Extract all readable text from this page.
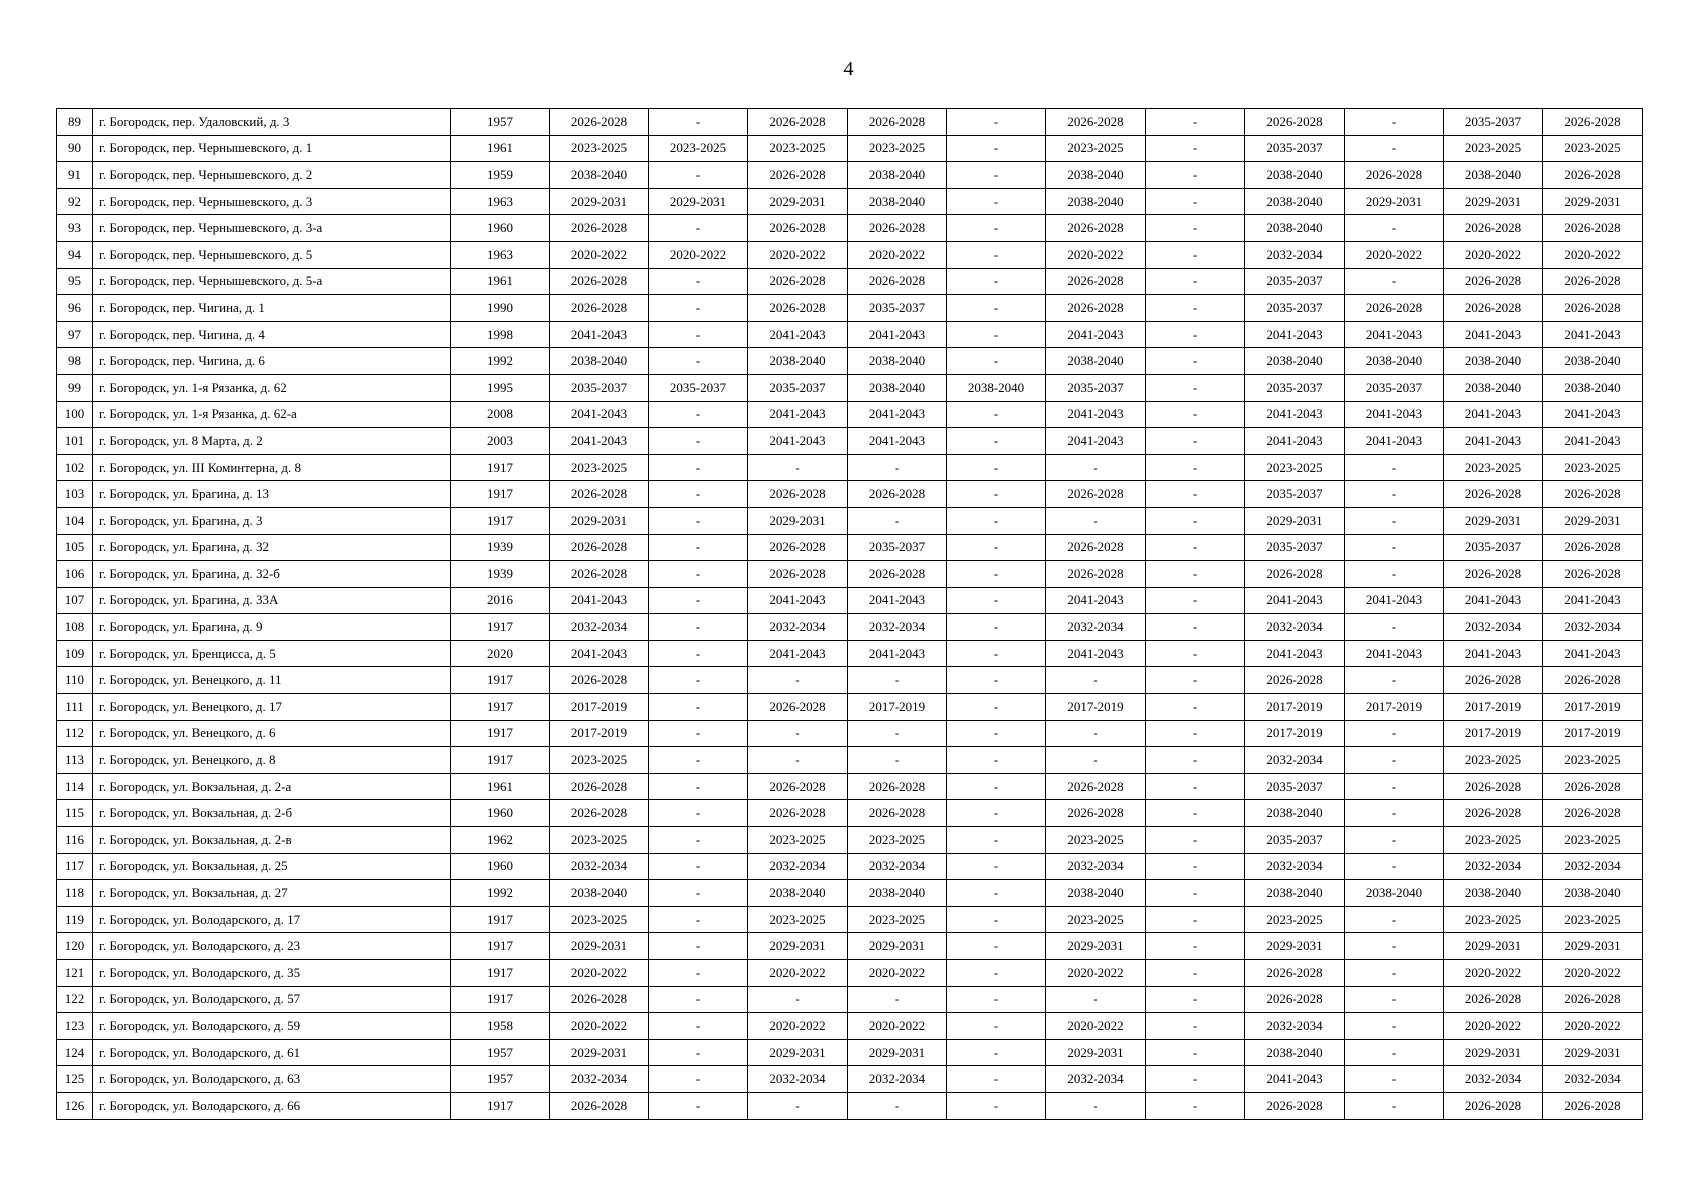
4
89	г. Богородск, пер. Удаловский, д. 3	1957	2026-2028	-	2026-2028	2026-2028	-	2026-2028	-	2026-2028	-	2035-2037	2026-2028
90	г. Богородск, пер. Чернышевского, д. 1	1961	2023-2025	2023-2025	2023-2025	2023-2025	-	2023-2025	-	2035-2037	-	2023-2025	2023-2025
91	г. Богородск, пер. Чернышевского, д. 2	1959	2038-2040	-	2026-2028	2038-2040	-	2038-2040	-	2038-2040	2026-2028	2038-2040	2026-2028
92	г. Богородск, пер. Чернышевского, д. 3	1963	2029-2031	2029-2031	2029-2031	2038-2040	-	2038-2040	-	2038-2040	2029-2031	2029-2031	2029-2031
93	г. Богородск, пер. Чернышевского, д. 3-а	1960	2026-2028	-	2026-2028	2026-2028	-	2026-2028	-	2038-2040	-	2026-2028	2026-2028
94	г. Богородск, пер. Чернышевского, д. 5	1963	2020-2022	2020-2022	2020-2022	2020-2022	-	2020-2022	-	2032-2034	2020-2022	2020-2022	2020-2022
95	г. Богородск, пер. Чернышевского, д. 5-а	1961	2026-2028	-	2026-2028	2026-2028	-	2026-2028	-	2035-2037	-	2026-2028	2026-2028
96	г. Богородск, пер. Чигина, д. 1	1990	2026-2028	-	2026-2028	2035-2037	-	2026-2028	-	2035-2037	2026-2028	2026-2028	2026-2028
97	г. Богородск, пер. Чигина, д. 4	1998	2041-2043	-	2041-2043	2041-2043	-	2041-2043	-	2041-2043	2041-2043	2041-2043	2041-2043
98	г. Богородск, пер. Чигина, д. 6	1992	2038-2040	-	2038-2040	2038-2040	-	2038-2040	-	2038-2040	2038-2040	2038-2040	2038-2040
99	г. Богородск, ул. 1-я Рязанка, д. 62	1995	2035-2037	2035-2037	2035-2037	2038-2040	2038-2040	2035-2037	-	2035-2037	2035-2037	2038-2040	2038-2040
100	г. Богородск, ул. 1-я Рязанка, д. 62-а	2008	2041-2043	-	2041-2043	2041-2043	-	2041-2043	-	2041-2043	2041-2043	2041-2043	2041-2043
101	г. Богородск, ул. 8 Марта, д. 2	2003	2041-2043	-	2041-2043	2041-2043	-	2041-2043	-	2041-2043	2041-2043	2041-2043	2041-2043
102	г. Богородск, ул. III Коминтерна, д. 8	1917	2023-2025	-	-	-	-	-	-	2023-2025	-	2023-2025	2023-2025
103	г. Богородск, ул. Брагина, д. 13	1917	2026-2028	-	2026-2028	2026-2028	-	2026-2028	-	2035-2037	-	2026-2028	2026-2028
104	г. Богородск, ул. Брагина, д. 3	1917	2029-2031	-	2029-2031	-	-	-	-	2029-2031	-	2029-2031	2029-2031
105	г. Богородск, ул. Брагина, д. 32	1939	2026-2028	-	2026-2028	2035-2037	-	2026-2028	-	2035-2037	-	2035-2037	2026-2028
106	г. Богородск, ул. Брагина, д. 32-б	1939	2026-2028	-	2026-2028	2026-2028	-	2026-2028	-	2026-2028	-	2026-2028	2026-2028
107	г. Богородск, ул. Брагина, д. 33А	2016	2041-2043	-	2041-2043	2041-2043	-	2041-2043	-	2041-2043	2041-2043	2041-2043	2041-2043
108	г. Богородск, ул. Брагина, д. 9	1917	2032-2034	-	2032-2034	2032-2034	-	2032-2034	-	2032-2034	-	2032-2034	2032-2034
109	г. Богородск, ул. Бренцисса, д. 5	2020	2041-2043	-	2041-2043	2041-2043	-	2041-2043	-	2041-2043	2041-2043	2041-2043	2041-2043
110	г. Богородск, ул. Венецкого, д. 11	1917	2026-2028	-	-	-	-	-	-	2026-2028	-	2026-2028	2026-2028
111	г. Богородск, ул. Венецкого, д. 17	1917	2017-2019	-	2026-2028	2017-2019	-	2017-2019	-	2017-2019	2017-2019	2017-2019	2017-2019
112	г. Богородск, ул. Венецкого, д. 6	1917	2017-2019	-	-	-	-	-	-	2017-2019	-	2017-2019	2017-2019
113	г. Богородск, ул. Венецкого, д. 8	1917	2023-2025	-	-	-	-	-	-	2032-2034	-	2023-2025	2023-2025
114	г. Богородск, ул. Вокзальная, д. 2-а	1961	2026-2028	-	2026-2028	2026-2028	-	2026-2028	-	2035-2037	-	2026-2028	2026-2028
115	г. Богородск, ул. Вокзальная, д. 2-б	1960	2026-2028	-	2026-2028	2026-2028	-	2026-2028	-	2038-2040	-	2026-2028	2026-2028
116	г. Богородск, ул. Вокзальная, д. 2-в	1962	2023-2025	-	2023-2025	2023-2025	-	2023-2025	-	2035-2037	-	2023-2025	2023-2025
117	г. Богородск, ул. Вокзальная, д. 25	1960	2032-2034	-	2032-2034	2032-2034	-	2032-2034	-	2032-2034	-	2032-2034	2032-2034
118	г. Богородск, ул. Вокзальная, д. 27	1992	2038-2040	-	2038-2040	2038-2040	-	2038-2040	-	2038-2040	2038-2040	2038-2040	2038-2040
119	г. Богородск, ул. Володарского, д. 17	1917	2023-2025	-	2023-2025	2023-2025	-	2023-2025	-	2023-2025	-	2023-2025	2023-2025
120	г. Богородск, ул. Володарского, д. 23	1917	2029-2031	-	2029-2031	2029-2031	-	2029-2031	-	2029-2031	-	2029-2031	2029-2031
121	г. Богородск, ул. Володарского, д. 35	1917	2020-2022	-	2020-2022	2020-2022	-	2020-2022	-	2026-2028	-	2020-2022	2020-2022
122	г. Богородск, ул. Володарского, д. 57	1917	2026-2028	-	-	-	-	-	-	2026-2028	-	2026-2028	2026-2028
123	г. Богородск, ул. Володарского, д. 59	1958	2020-2022	-	2020-2022	2020-2022	-	2020-2022	-	2032-2034	-	2020-2022	2020-2022
124	г. Богородск, ул. Володарского, д. 61	1957	2029-2031	-	2029-2031	2029-2031	-	2029-2031	-	2038-2040	-	2029-2031	2029-2031
125	г. Богородск, ул. Володарского, д. 63	1957	2032-2034	-	2032-2034	2032-2034	-	2032-2034	-	2041-2043	-	2032-2034	2032-2034
126	г. Богородск, ул. Володарского, д. 66	1917	2026-2028	-	-	-	-	-	-	2026-2028	-	2026-2028	2026-2028
